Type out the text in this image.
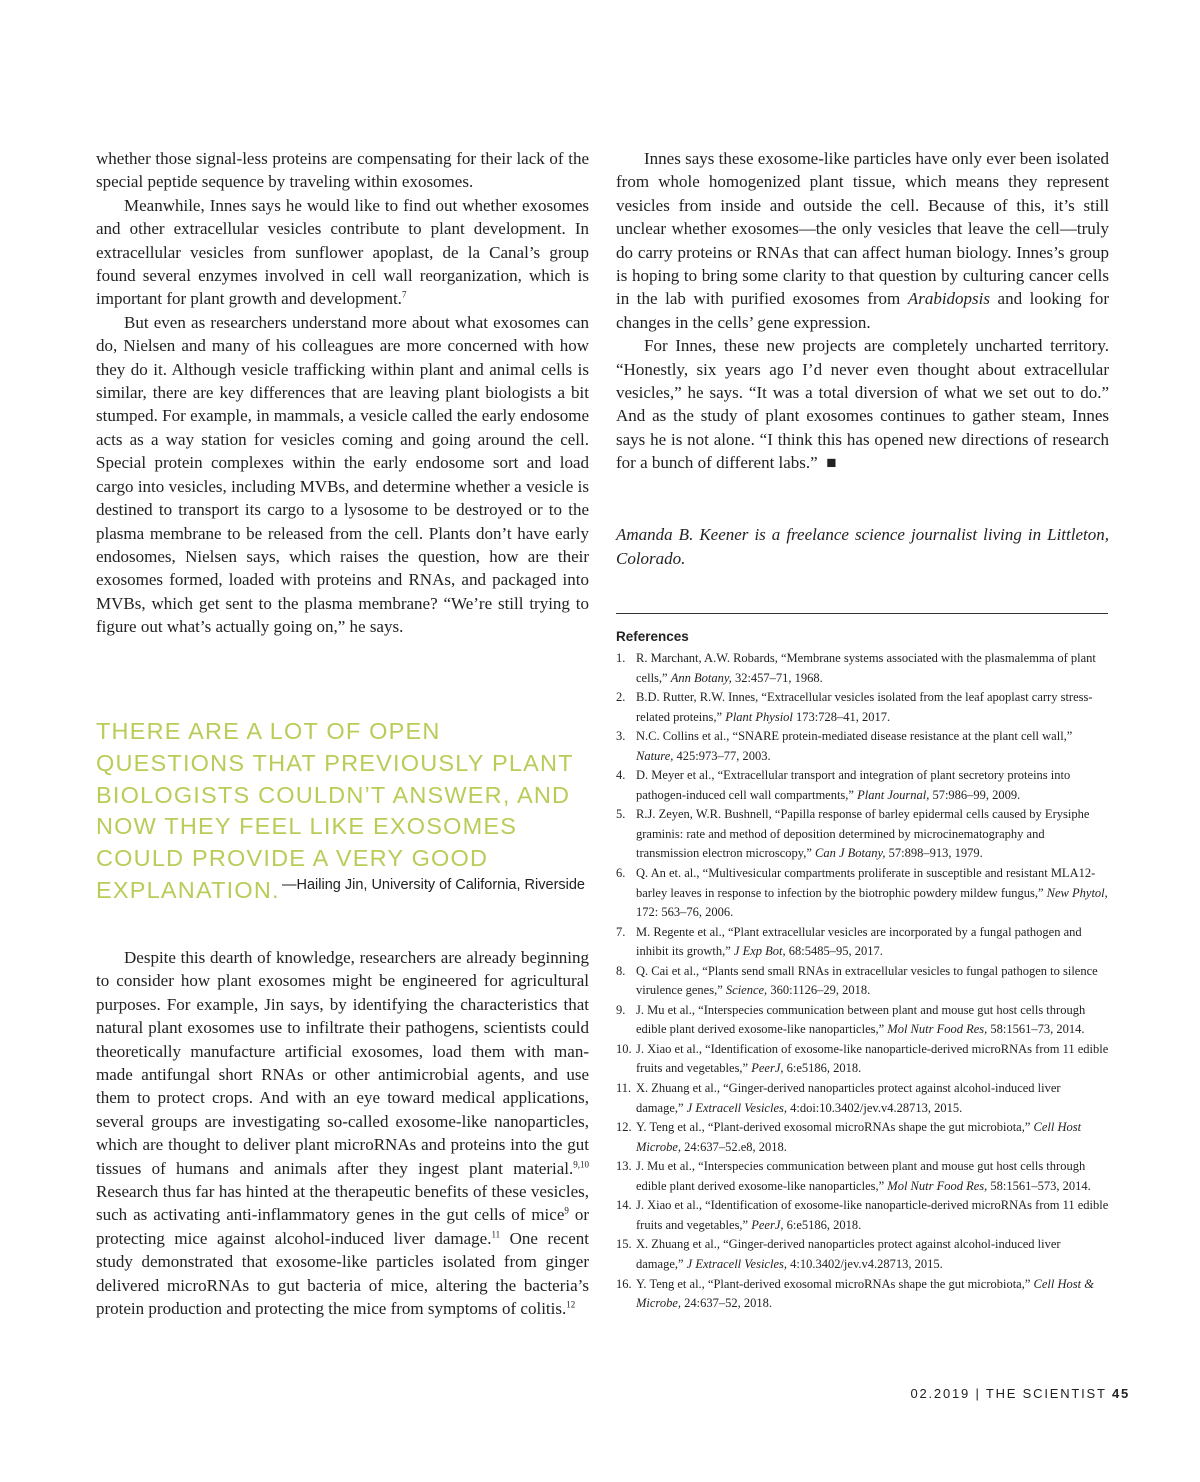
whether those signal-less proteins are compensating for their lack of the special peptide sequence by traveling within exosomes.

Meanwhile, Innes says he would like to find out whether exosomes and other extracellular vesicles contribute to plant development. In extracellular vesicles from sunflower apoplast, de la Canal’s group found several enzymes involved in cell wall reorganization, which is important for plant growth and development.$^7$

But even as researchers understand more about what exosomes can do, Nielsen and many of his colleagues are more concerned with how they do it. Although vesicle trafficking within plant and animal cells is similar, there are key differences that are leaving plant biologists a bit stumped. For example, in mammals, a vesicle called the early endosome acts as a way station for vesicles coming and going around the cell. Special protein complexes within the early endosome sort and load cargo into vesicles, including MVBs, and determine whether a vesicle is destined to transport its cargo to a lysosome to be destroyed or to the plasma membrane to be released from the cell. Plants don’t have early endosomes, Nielsen says, which raises the question, how are their exosomes formed, loaded with proteins and RNAs, and packaged into MVBs, which get sent to the plasma membrane? “We’re still trying to figure out what’s actually going on,” he says.

THERE ARE A LOT OF OPEN QUESTIONS THAT PREVIOUSLY PLANT BIOLOGISTS COULDN’T ANSWER, AND NOW THEY FEEL LIKE EXOSOMES COULD PROVIDE A VERY GOOD EXPLANATION. —Hailing Jin, University of California, Riverside

Despite this dearth of knowledge, researchers are already beginning to consider how plant exosomes might be engineered for agricultural purposes. For example, Jin says, by identifying the characteristics that natural plant exosomes use to infiltrate their pathogens, scientists could theoretically manufacture artificial exosomes, load them with man-made antifungal short RNAs or other antimicrobial agents, and use them to protect crops. And with an eye toward medical applications, several groups are investigating so-called exosome-like nanoparticles, which are thought to deliver plant microRNAs and proteins into the gut tissues of humans and animals after they ingest plant material.$^{9,10}$ Research thus far has hinted at the therapeutic benefits of these vesicles, such as activating anti-inflammatory genes in the gut cells of mice$^9$ or protecting mice against alcohol-induced liver damage.$^{11}$ One recent study demonstrated that exosome-like particles isolated from ginger delivered microRNAs to gut bacteria of mice, altering the bacteria’s protein production and protecting the mice from symptoms of colitis.$^{12}$

Innes says these exosome-like particles have only ever been isolated from whole homogenized plant tissue, which means they represent vesicles from inside and outside the cell. Because of this, it’s still unclear whether exosomes—the only vesicles that leave the cell—truly do carry proteins or RNAs that can affect human biology. Innes’s group is hoping to bring some clarity to that question by culturing cancer cells in the lab with purified exosomes from Arabidopsis and looking for changes in the cells’ gene expression.

For Innes, these new projects are completely uncharted territory. “Honestly, six years ago I’d never even thought about extracellular vesicles,” he says. “It was a total diversion of what we set out to do.” And as the study of plant exosomes continues to gather steam, Innes says he is not alone. “I think this has opened new directions of research for a bunch of different labs.” ■

Amanda B. Keener is a freelance science journalist living in Littleton, Colorado.
References
1. R. Marchant, A.W. Robards, “Membrane systems associated with the plasmalemma of plant cells,” Ann Botany, 32:457–71, 1968.
2. B.D. Rutter, R.W. Innes, “Extracellular vesicles isolated from the leaf apoplast carry stress-related proteins,” Plant Physiol 173:728–41, 2017.
3. N.C. Collins et al., “SNARE protein-mediated disease resistance at the plant cell wall,” Nature, 425:973–77, 2003.
4. D. Meyer et al., “Extracellular transport and integration of plant secretory proteins into pathogen-induced cell wall compartments,” Plant Journal, 57:986–99, 2009.
5. R.J. Zeyen, W.R. Bushnell, “Papilla response of barley epidermal cells caused by Erysiphe graminis: rate and method of deposition determined by microcinematography and transmission electron microscopy,” Can J Botany, 57:898–913, 1979.
6. Q. An et. al., “Multivesicular compartments proliferate in susceptible and resistant MLA12-barley leaves in response to infection by the biotrophic powdery mildew fungus,” New Phytol, 172: 563–76, 2006.
7. M. Regente et al., “Plant extracellular vesicles are incorporated by a fungal pathogen and inhibit its growth,” J Exp Bot, 68:5485–95, 2017.
8. Q. Cai et al., “Plants send small RNAs in extracellular vesicles to fungal pathogen to silence virulence genes,” Science, 360:1126–29, 2018.
9. J. Mu et al., “Interspecies communication between plant and mouse gut host cells through edible plant derived exosome-like nanoparticles,” Mol Nutr Food Res, 58:1561–73, 2014.
10. J. Xiao et al., “Identification of exosome-like nanoparticle-derived microRNAs from 11 edible fruits and vegetables,” PeerJ, 6:e5186, 2018.
11. X. Zhuang et al., “Ginger-derived nanoparticles protect against alcohol-induced liver damage,” J Extracell Vesicles, 4:doi:10.3402/jev.v4.28713, 2015.
12. Y. Teng et al., “Plant-derived exosomal microRNAs shape the gut microbiota,” Cell Host Microbe, 24:637–52.e8, 2018.
13. J. Mu et al., “Interspecies communication between plant and mouse gut host cells through edible plant derived exosome-like nanoparticles,” Mol Nutr Food Res, 58:1561–573, 2014.
14. J. Xiao et al., “Identification of exosome-like nanoparticle-derived microRNAs from 11 edible fruits and vegetables,” PeerJ, 6:e5186, 2018.
15. X. Zhuang et al., “Ginger-derived nanoparticles protect against alcohol-induced liver damage,” J Extracell Vesicles, 4:10.3402/jev.v4.28713, 2015.
16. Y. Teng et al., “Plant-derived exosomal microRNAs shape the gut microbiota,” Cell Host & Microbe, 24:637–52, 2018.
02.2019 | THE SCIENTIST 45
